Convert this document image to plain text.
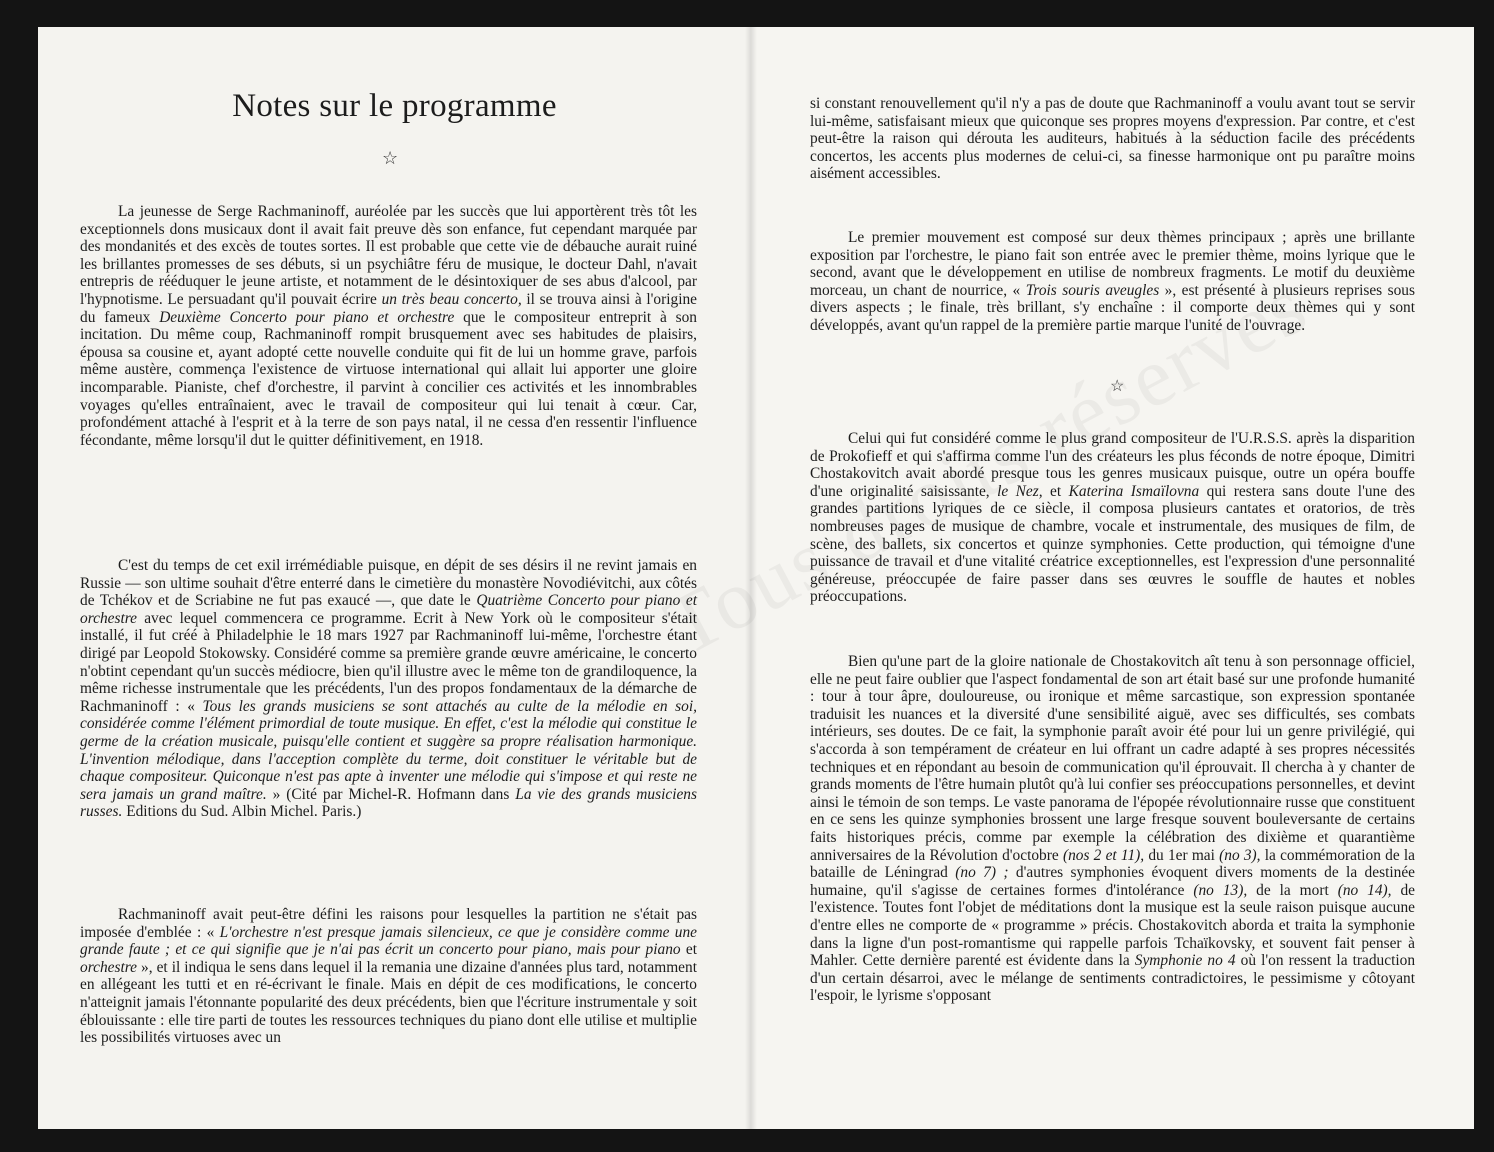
Notes sur le programme
☆

La jeunesse de Serge Rachmaninoff, auréolée par les succès que lui apportèrent très tôt les exceptionnels dons musicaux dont il avait fait preuve dès son enfance, fut cependant marquée par des mondanités et des excès de toutes sortes. Il est probable que cette vie de débauche aurait ruiné les brillantes promesses de ses débuts, si un psychiâtre féru de musique, le docteur Dahl, n'avait entrepris de rééduquer le jeune artiste, et notamment de le désintoxiquer de ses abus d'alcool, par l'hypnotisme. Le persuadant qu'il pouvait écrire un très beau concerto, il se trouva ainsi à l'origine du fameux Deuxième Concerto pour piano et orchestre que le compositeur entreprit à son incitation. Du même coup, Rachmaninoff rompit brusquement avec ses habitudes de plaisirs, épousa sa cousine et, ayant adopté cette nouvelle conduite qui fit de lui un homme grave, parfois même austère, commença l'existence de virtuose international qui allait lui apporter une gloire incomparable. Pianiste, chef d'orchestre, il parvint à concilier ces activités et les innombrables voyages qu'elles entraînaient, avec le travail de compositeur qui lui tenait à cœur. Car, profondément attaché à l'esprit et à la terre de son pays natal, il ne cessa d'en ressentir l'influence fécondante, même lorsqu'il dut le quitter définitivement, en 1918.

C'est du temps de cet exil irrémédiable puisque, en dépit de ses désirs il ne revint jamais en Russie — son ultime souhait d'être enterré dans le cimetière du monastère Novodiévitchi, aux côtés de Tchékov et de Scriabine ne fut pas exaucé —, que date le Quatrième Concerto pour piano et orchestre avec lequel commencera ce programme. Ecrit à New York où le compositeur s'était installé, il fut créé à Philadelphie le 18 mars 1927 par Rachmaninoff lui-même, l'orchestre étant dirigé par Leopold Stokowsky. Considéré comme sa première grande œuvre américaine, le concerto n'obtint cependant qu'un succès médiocre, bien qu'il illustre avec le même ton de grandiloquence, la même richesse instrumentale que les précédents, l'un des propos fondamentaux de la démarche de Rachmaninoff : « Tous les grands musiciens se sont attachés au culte de la mélodie en soi, considérée comme l'élément primordial de toute musique. En effet, c'est la mélodie qui constitue le germe de la création musicale, puisqu'elle contient et suggère sa propre réalisation harmonique. L'invention mélodique, dans l'acception complète du terme, doit constituer le véritable but de chaque compositeur. Quiconque n'est pas apte à inventer une mélodie qui s'impose et qui reste ne sera jamais un grand maître. » (Cité par Michel-R. Hofmann dans La vie des grands musiciens russes. Editions du Sud. Albin Michel. Paris.)

Rachmaninoff avait peut-être défini les raisons pour lesquelles la partition ne s'était pas imposée d'emblée : « L'orchestre n'est presque jamais silencieux, ce que je considère comme une grande faute ; et ce qui signifie que je n'ai pas écrit un concerto pour piano, mais pour piano et orchestre », et il indiqua le sens dans lequel il la remania une dizaine d'années plus tard, notamment en allégeant les tutti et en ré-écrivant le finale. Mais en dépit de ces modifications, le concerto n'atteignit jamais l'étonnante popularité des deux précédents, bien que l'écriture instrumentale y soit éblouissante : elle tire parti de toutes les ressources techniques du piano dont elle utilise et multiplie les possibilités virtuoses avec un

si constant renouvellement qu'il n'y a pas de doute que Rachmaninoff a voulu avant tout se servir lui-même, satisfaisant mieux que quiconque ses propres moyens d'expression. Par contre, et c'est peut-être la raison qui dérouta les auditeurs, habitués à la séduction facile des précédents concertos, les accents plus modernes de celui-ci, sa finesse harmonique ont pu paraître moins aisément accessibles.

Le premier mouvement est composé sur deux thèmes principaux ; après une brillante exposition par l'orchestre, le piano fait son entrée avec le premier thème, moins lyrique que le second, avant que le développement en utilise de nombreux fragments. Le motif du deuxième morceau, un chant de nourrice, « Trois souris aveugles », est présenté à plusieurs reprises sous divers aspects ; le finale, très brillant, s'y enchaîne : il comporte deux thèmes qui y sont développés, avant qu'un rappel de la première partie marque l'unité de l'ouvrage.

☆

Celui qui fut considéré comme le plus grand compositeur de l'U.R.S.S. après la disparition de Prokofieff et qui s'affirma comme l'un des créateurs les plus féconds de notre époque, Dimitri Chostakovitch avait abordé presque tous les genres musicaux puisque, outre un opéra bouffe d'une originalité saisissante, le Nez, et Katerina Ismaïlovna qui restera sans doute l'une des grandes partitions lyriques de ce siècle, il composa plusieurs cantates et oratorios, de très nombreuses pages de musique de chambre, vocale et instrumentale, des musiques de film, de scène, des ballets, six concertos et quinze symphonies. Cette production, qui témoigne d'une puissance de travail et d'une vitalité créatrice exceptionnelles, est l'expression d'une personnalité généreuse, préoccupée de faire passer dans ses œuvres le souffle de hautes et nobles préoccupations.

Bien qu'une part de la gloire nationale de Chostakovitch aît tenu à son personnage officiel, elle ne peut faire oublier que l'aspect fondamental de son art était basé sur une profonde humanité : tour à tour âpre, douloureuse, ou ironique et même sarcastique, son expression spontanée traduisit les nuances et la diversité d'une sensibilité aiguë, avec ses difficultés, ses combats intérieurs, ses doutes. De ce fait, la symphonie paraît avoir été pour lui un genre privilégié, qui s'accorda à son tempérament de créateur en lui offrant un cadre adapté à ses propres nécessités techniques et en répondant au besoin de communication qu'il éprouvait. Il chercha à y chanter de grands moments de l'être humain plutôt qu'à lui confier ses préoccupations personnelles, et devint ainsi le témoin de son temps. Le vaste panorama de l'épopée révolutionnaire russe que constituent en ce sens les quinze symphonies brossent une large fresque souvent bouleversante de certains faits historiques précis, comme par exemple la célébration des dixième et quarantième anniversaires de la Révolution d'octobre (nos 2 et 11), du 1er mai (no 3), la commémoration de la bataille de Léningrad (no 7) ; d'autres symphonies évoquent divers moments de la destinée humaine, qu'il s'agisse de certaines formes d'intolérance (no 13), de la mort (no 14), de l'existence. Toutes font l'objet de méditations dont la musique est la seule raison puisque aucune d'entre elles ne comporte de « programme » précis. Chostakovitch aborda et traita la symphonie dans la ligne d'un post-romantisme qui rappelle parfois Tchaïkovsky, et souvent fait penser à Mahler. Cette dernière parenté est évidente dans la Symphonie no 4 où l'on ressent la traduction d'un certain désarroi, avec le mélange de sentiments contradictoires, le pessimisme y côtoyant l'espoir, le lyrisme s'opposant
